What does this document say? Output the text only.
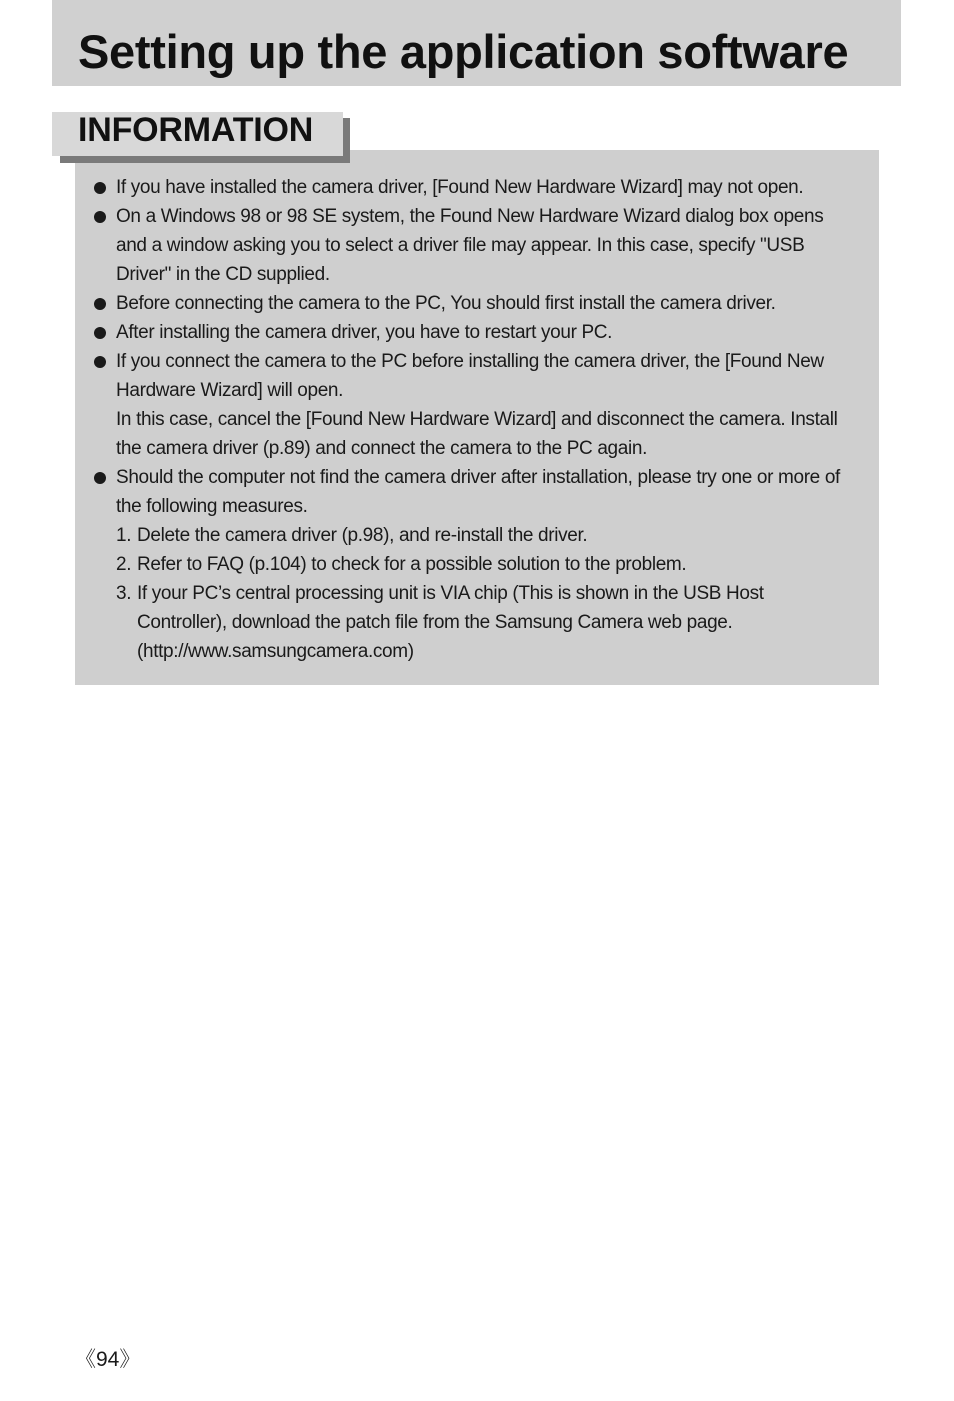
Setting up the application software
INFORMATION
If you have installed the camera driver, [Found New Hardware Wizard] may not open.
On a Windows 98 or 98 SE system, the Found New Hardware Wizard dialog box opens
and a window asking you to select a driver file may appear. In this case, specify "USB
Driver" in the CD supplied.
Before connecting the camera to the PC, You should first install the camera driver.
After installing the camera driver, you have to restart your PC.
If you connect the camera to the PC before installing the camera driver, the [Found New
Hardware Wizard] will open.
In this case, cancel the [Found New Hardware Wizard] and disconnect the camera. Install
the camera driver (p.89) and connect the camera to the PC again.
Should the computer not find the camera driver after installation, please try one or more of
the following measures.
1. Delete the camera driver (p.98), and re-install the driver.
2. Refer to FAQ (p.104) to check for a possible solution to the problem.
3. If your PC’s central processing unit is VIA chip (This is shown in the USB Host
Controller), download the patch file from the Samsung Camera web page.
(http://www.samsungcamera.com)
《94》
